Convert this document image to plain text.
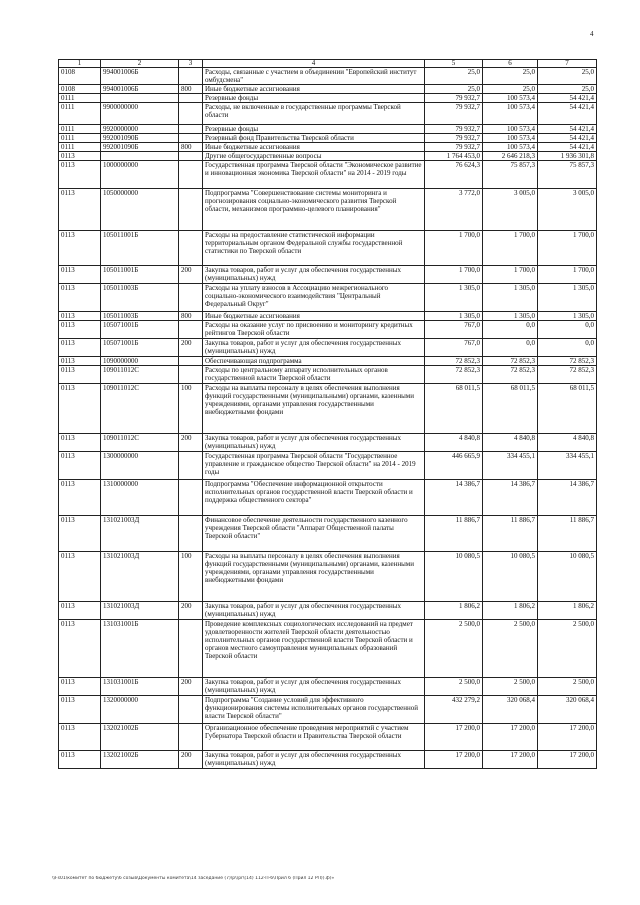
4
1	2	3	4	5	6	7
0108	994001006Б		Расходы, связанные с участием в объединении "Европейский институт омбудсмена"	25,0	25,0	25,0
0108	994001006Б	800	Иные бюджетные ассигнования	25,0	25,0	25,0
0111			Резервные фонды	79 932,7	100 573,4	54 421,4
0111	9900000000		Расходы, не включенные в государственные программы Тверской области	79 932,7	100 573,4	54 421,4
0111	9920000000		Резервные фонды	79 932,7	100 573,4	54 421,4
0111	992001090Б		Резервный фонд Правительства Тверской области	79 932,7	100 573,4	54 421,4
0111	992001090Б	800	Иные бюджетные ассигнования	79 932,7	100 573,4	54 421,4
0113			Другие общегосударственные вопросы	1 764 453,0	2 646 218,3	1 936 301,8
0113	1000000000		Государственная программа Тверской области "Экономическое развитие и инновационная экономика Тверской области" на 2014 - 2019 годы	76 624,3	75 857,3	75 857,3
0113	1050000000		Подпрограмма "Совершенствование системы мониторинга и прогнозирования социально-экономического развития Тверской области, механизмов программно-целевого планирования"	3 772,0	3 005,0	3 005,0
0113	105011001Б		Расходы на предоставление статистической информации территориальным органом Федеральной службы государственной статистики по Тверской области	1 700,0	1 700,0	1 700,0
0113	105011001Б	200	Закупка товаров, работ и услуг для обеспечения государственных (муниципальных) нужд	1 700,0	1 700,0	1 700,0
0113	105011003Б		Расходы на уплату взносов в Ассоциацию межрегионального социально-экономического взаимодействия "Центральный Федеральный Округ"	1 305,0	1 305,0	1 305,0
0113	105011003Б	800	Иные бюджетные ассигнования	1 305,0	1 305,0	1 305,0
0113	105071001Б		Расходы на оказание услуг по присвоению и мониторингу кредитных рейтингов Тверской области	767,0	0,0	0,0
0113	105071001Б	200	Закупка товаров, работ и услуг для обеспечения государственных (муниципальных) нужд	767,0	0,0	0,0
0113	1090000000		Обеспечивающая подпрограмма	72 852,3	72 852,3	72 852,3
0113	109011012С		Расходы по центральному аппарату исполнительных органов государственной власти Тверской области	72 852,3	72 852,3	72 852,3
0113	109011012С	100	Расходы на выплаты персоналу в целях обеспечения выполнения функций государственными (муниципальными) органами, казенными учреждениями, органами управления государственными внебюджетными фондами	68 011,5	68 011,5	68 011,5
0113	109011012С	200	Закупка товаров, работ и услуг для обеспечения государственных (муниципальных) нужд	4 840,8	4 840,8	4 840,8
0113	1300000000		Государственная программа Тверской области "Государственное управление и гражданское общество Тверской области" на 2014 - 2019 годы	446 665,9	334 455,1	334 455,1
0113	1310000000		Подпрограмма "Обеспечение информационной открытости исполнительных органов государственной власти Тверской области и поддержка общественного сектора"	14 386,7	14 386,7	14 386,7
0113	131021003Д		Финансовое обеспечение деятельности государственного казенного учреждения Тверской области "Аппарат Общественной палаты Тверской области"	11 886,7	11 886,7	11 886,7
0113	131021003Д	100	Расходы на выплаты персоналу в целях обеспечения выполнения функций государственными (муниципальными) органами, казенными учреждениями, органами управления государственными внебюджетными фондами	10 080,5	10 080,5	10 080,5
0113	131021003Д	200	Закупка товаров, работ и услуг для обеспечения государственных (муниципальных) нужд	1 806,2	1 806,2	1 806,2
0113	131031001Б		Проведение комплексных социологических исследований на предмет удовлетворенности жителей Тверской области деятельностью исполнительных органов государственной власти Тверской области и органов местного самоуправления муниципальных образований Тверской области	2 500,0	2 500,0	2 500,0
0113	131031001Б	200	Закупка товаров, работ и услуг для обеспечения государственных (муниципальных) нужд	2 500,0	2 500,0	2 500,0
0113	1320000000		Подпрограмма "Создание условий для эффективного функционирования системы исполнительных органов государственной власти Тверской области"	432 279,2	320 068,4	320 068,4
0113	132021002Б		Организационное обеспечение проведения мероприятий с участием Губернатора Тверской области и Правительства Тверской области	17 200,0	17 200,0	17 200,0
0113	132021002Б	200	Закупка товаров, работ и услуг для обеспечения государственных (муниципальных) нужд	17 200,0	17 200,0	17 200,0
\\Fs01\комитет по бюджету\6 созыв\Документы комитета\14 заседание (7)\p\\pr\(14) 112-П-6\Прил 6 (Прил 12 РП)).ф)»
